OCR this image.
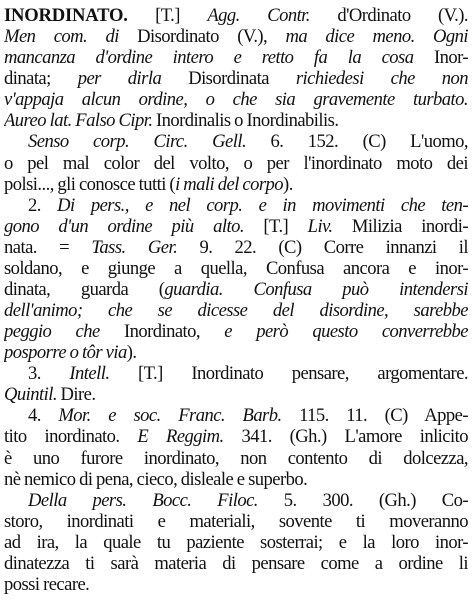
INORDINATO. [T.] Agg. Contr. d'Ordinato (V.).
Men com. di Disordinato (V.), ma dice meno. Ogni
mancanza d'ordine intero e retto fa la cosa Inor-
dinata; per dirla Disordinata richiedesi che non
v'appaja alcun ordine, o che sia gravemente turbato.
Aureo lat. Falso Cipr. Inordinalis o Inordinabilis.
Senso corp. Circ. Gell. 6. 152. (C) L'uomo,
o pel mal color del volto, o per l'inordinato moto dei
polsi..., gli conosce tutti (i mali del corpo).
2. Di pers., e nel corp. e in movimenti che ten-
gono d'un ordine più alto. [T.] Liv. Milizia inordi-
nata. = Tass. Ger. 9. 22. (C) Corre innanzi il
soldano, e giunge a quella, Confusa ancora e inor-
dinata, guarda (guardia. Confusa può intendersi
dell'animo; che se dicesse del disordine, sarebbe
peggio che Inordinato, e però questo converrebbe
posporre o tôr via).
3. Intell. [T.] Inordinato pensare, argomentare.
Quintil. Dire.
4. Mor. e soc. Franc. Barb. 115. 11. (C) Appe-
tito inordinato. E Reggim. 341. (Gh.) L'amore inlicito
è uno furore inordinato, non contento di dolcezza,
nè nemico di pena, cieco, disleale e superbo.
Della pers. Bocc. Filoc. 5. 300. (Gh.) Co-
storo, inordinati e materiali, sovente ti moveranno
ad ira, la quale tu paziente sosterrai; e la loro inor-
dinatezza ti sarà materia di pensare come a ordine li
possi recare.
